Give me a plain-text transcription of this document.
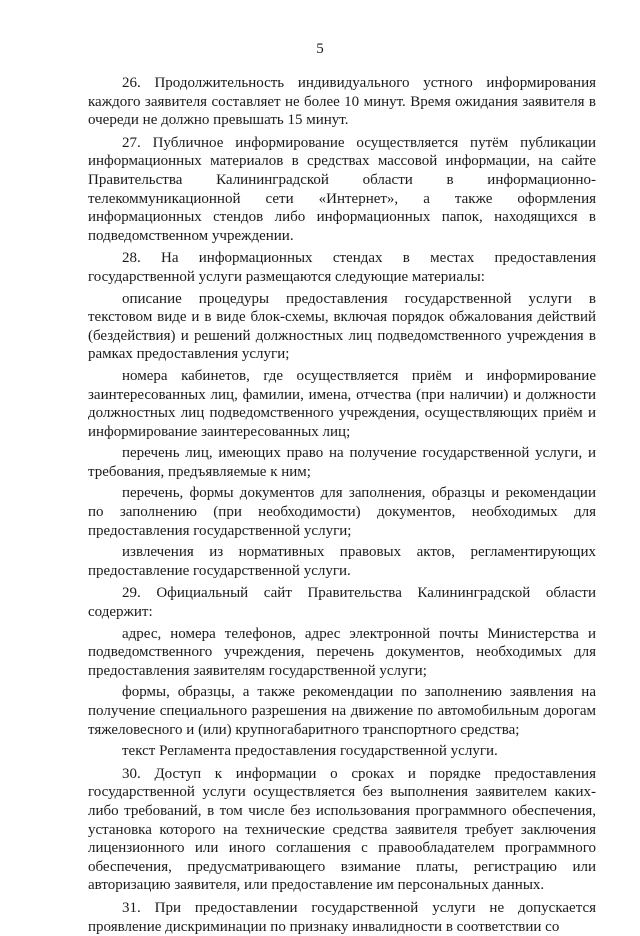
5

26. Продолжительность индивидуального устного информирования каждого заявителя составляет не более 10 минут. Время ожидания заявителя в очереди не должно превышать 15 минут.

27. Публичное информирование осуществляется путём публикации информационных материалов в средствах массовой информации, на сайте Правительства Калининградской области в информационно-телекоммуникационной сети «Интернет», а также оформления информационных стендов либо информационных папок, находящихся в подведомственном учреждении.

28. На информационных стендах в местах предоставления государственной услуги размещаются следующие материалы:

описание процедуры предоставления государственной услуги в текстовом виде и в виде блок-схемы, включая порядок обжалования действий (бездействия) и решений должностных лиц подведомственного учреждения в рамках предоставления услуги;

номера кабинетов, где осуществляется приём и информирование заинтересованных лиц, фамилии, имена, отчества (при наличии) и должности должностных лиц подведомственного учреждения, осуществляющих приём и информирование заинтересованных лиц;

перечень лиц, имеющих право на получение государственной услуги, и требования, предъявляемые к ним;

перечень, формы документов для заполнения, образцы и рекомендации по заполнению (при необходимости) документов, необходимых для предоставления государственной услуги;

извлечения из нормативных правовых актов, регламентирующих предоставление государственной услуги.

29. Официальный сайт Правительства Калининградской области содержит:

адрес, номера телефонов, адрес электронной почты Министерства и подведомственного учреждения, перечень документов, необходимых для предоставления заявителям государственной услуги;

формы, образцы, а также рекомендации по заполнению заявления на получение специального разрешения на движение по автомобильным дорогам тяжеловесного и (или) крупногабаритного транспортного средства;

текст Регламента предоставления государственной услуги.

30. Доступ к информации о сроках и порядке предоставления государственной услуги осуществляется без выполнения заявителем каких-либо требований, в том числе без использования программного обеспечения, установка которого на технические средства заявителя требует заключения лицензионного или иного соглашения с правообладателем программного обеспечения, предусматривающего взимание платы, регистрацию или авторизацию заявителя, или предоставление им персональных данных.

31. При предоставлении государственной услуги не допускается проявление дискриминации по признаку инвалидности в соответствии со
